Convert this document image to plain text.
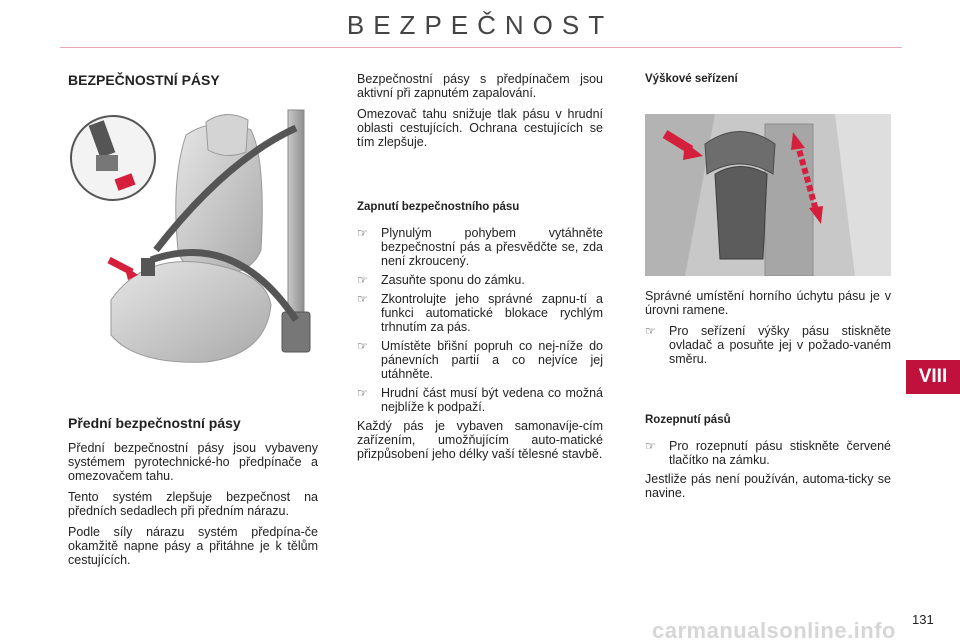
BEZPEČNOST
VIII
BEZPEČNOSTNÍ PÁSY
Přední bezpečnostní pásy

Přední bezpečnostní pásy jsou vybaveny systémem pyrotechnické-ho předpínače a omezovačem tahu.

Tento systém zlepšuje bezpečnost na předních sedadlech při předním nárazu.

Podle síly nárazu systém předpína-če okamžitě napne pásy a přitáhne je k tělům cestujících.

Bezpečnostní pásy s předpínačem jsou aktivní při zapnutém zapalování.

Omezovač tahu snižuje tlak pásu v hrudní oblasti cestujících. Ochrana cestujících se tím zlepšuje.

Zapnutí bezpečnostního pásu
☞ Plynulým pohybem vytáhněte bezpečnostní pás a přesvědčte se, zda není zkroucený.
☞ Zasuňte sponu do zámku.
☞ Zkontrolujte jeho správné zapnu-tí a funkci automatické blokace rychlým trhnutím za pás.
☞ Umístěte břišní popruh co nej-níže do pánevních partií a co nejvíce jej utáhněte.
☞ Hrudní část musí být vedena co možná nejblíže k podpaží.

Každý pás je vybaven samonavíje-cím zařízením, umožňujícím auto-matické přizpůsobení jeho délky vaší tělesné stavbě.

Výškové seřízení

Správné umístění horního úchytu pásu je v úrovni ramene.

☞ Pro seřízení výšky pásu stiskněte ovladač a posuňte jej v požado-vaném směru.
Rozepnutí pásů
☞ Pro rozepnutí pásu stiskněte červené tlačítko na zámku.

Jestliže pás není používán, automa-ticky se navine.

131
carmanualsonline.info
